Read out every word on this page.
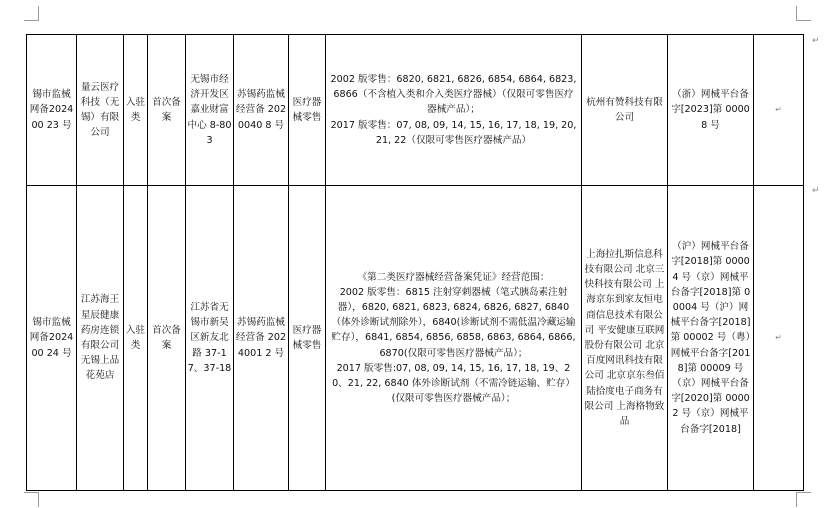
锡市监械网备202400 23 号	量云医疗科技（无锡）有限公司	入驻类	首次备案	无锡市经济开发区嘉业财富中心 8-803	苏锡药监械经营备 2020040 8 号	医疗器械零售	2002 版零售：6820, 6821, 6826, 6854, 6864, 6823, 6866（不含植入类和介入类医疗器械）（仅限可零售医疗器械产品）；
2017 版零售：07, 08, 09, 14, 15, 16, 17, 18, 19, 20, 21, 22（仅限可零售医疗器械产品）	杭州有赞科技有限公司	（浙）网械平台备字[2023]第 00008 号	↵
锡市监械网备202400 24 号	江苏海王星辰健康药房连锁有限公司无锡上品花苑店	入驻类	首次备案	江苏省无锡市新吴区新友北路 37-17、37-18	苏锡药监械经营备 2024001 2 号	医疗器械零售	《第二类医疗器械经营备案凭证》经营范围：
2002 版零售：6815 注射穿刺器械（笔式胰岛素注射器），6820, 6821, 6823, 6824, 6826, 6827, 6840（体外诊断试剂除外），6840(诊断试剂不需低温冷藏运输贮存），6841, 6854, 6856, 6858, 6863, 6864, 6866, 6870(仅限可零售医疗器械产品）；
2017 版零售:07, 08, 09, 14, 15, 16, 17, 18, 19、20、21, 22, 6840 体外诊断试剂（不需冷链运输、贮存）(仅限可零售医疗器械产品）；	上海拉扎斯信息科技有限公司 北京三快科技有限公司 上海京东到家友恒电商信息技术有限公司 平安健康互联网股份有限公司 北京百度网讯科技有限公司 北京京东叁佰陆拾度电子商务有限公司 上海格物致品	（沪）网械平台备字[2018]第 00004 号（京）网械平台备字[2018]第 00004 号（沪）网械平台备字[2018]第 00002 号（粤）网械平台备字[2018]第 00009 号（京）网械平台备字[2020]第 00002 号（京）网械平台备字[2018]	↵
↵
↵
